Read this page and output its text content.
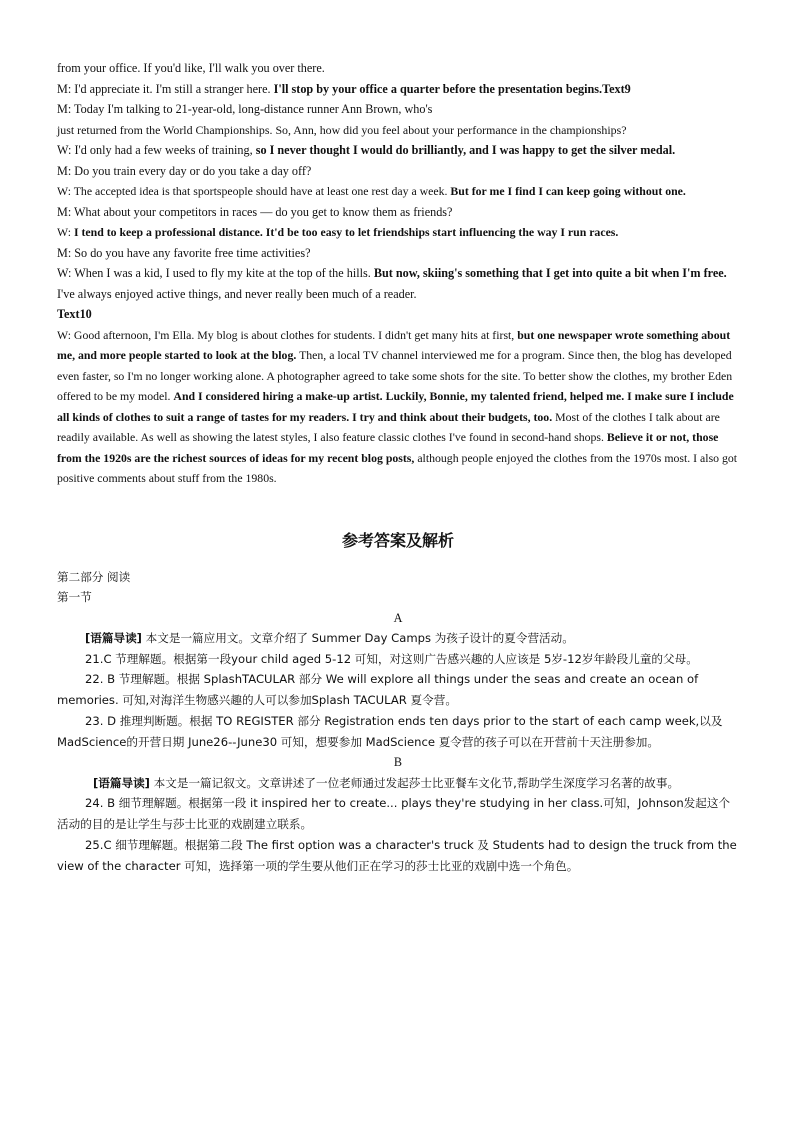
from your office. If you'd like, I'll walk you over there.
M: I'd appreciate it. I'm still a stranger here. I'll stop by your office a quarter before the presentation begins.Text9
M: Today I'm talking to 21-year-old, long-distance runner Ann Brown, who's
just returned from the World Championships. So, Ann, how did you feel about your performance in the championships?
W: I'd only had a few weeks of training, so I never thought I would do brilliantly, and I was happy to get the silver medal.
M: Do you train every day or do you take a day off?
W: The accepted idea is that sportspeople should have at least one rest day a week. But for me I find I can keep going without one.
M: What about your competitors in races — do you get to know them as friends?
W: I tend to keep a professional distance. It'd be too easy to let friendships start influencing the way I run races.
M: So do you have any favorite free time activities?
W: When I was a kid, I used to fly my kite at the top of the hills. But now, skiing's something that I get into quite a bit when I'm free. I've always enjoyed active things, and never really been much of a reader.
Text10
W: Good afternoon, I'm Ella. My blog is about clothes for students. I didn't get many hits at first, but one newspaper wrote something about me, and more people started to look at the blog. Then, a local TV channel interviewed me for a program. Since then, the blog has developed even faster, so I'm no longer working alone. A photographer agreed to take some shots for the site. To better show the clothes, my brother Eden offered to be my model. And I considered hiring a make-up artist. Luckily, Bonnie, my talented friend, helped me. I make sure I include all kinds of clothes to suit a range of tastes for my readers. I try and think about their budgets, too. Most of the clothes I talk about are readily available. As well as showing the latest styles, I also feature classic clothes I've found in second-hand shops. Believe it or not, those from the 1920s are the richest sources of ideas for my recent blog posts, although people enjoyed the clothes from the 1970s most. I also got positive comments about stuff from the 1980s.
参考答案及解析
第二部分 阅读
第一节
A
[语篇导读] 本文是一篇应用文。文章介绍了 Summer Day Camps 为孩子设计的夏令营活动。
21.C 节理解题。根据第一段your child aged 5-12 可知，对这则广告感兴趣的人应该是 5岁-12岁年龄段儿童的父母。
22. B 节理解题。根据 SplashTACULAR 部分 We will explore all things under the seas and create an ocean of memories. 可知,对海洋生物感兴趣的人可以参加Splash TACULAR 夏令营。
23. D 推理判断题。根据 TO REGISTER 部分 Registration ends ten days prior to the start of each camp week,以及 MadScience的开营日期 June26--June30 可知，想要参加 MadScience 夏令营的孩子可以在开营前十天注册参加。
B
[语篇导读] 本文是一篇记叙文。文章讲述了一位老师通过发起莎士比亚餐车文化节,帮助学生深度学习名著的故事。
24. B 细节理解题。根据第一段 it inspired her to create... plays they're studying in her class.可知，Johnson发起这个活动的目的是让学生与莎士比亚的戏剧建立联系。
25.C 细节理解题。根据第二段 The first option was a character's truck 及 Students had to design the truck from the view of the character 可知，选择第一项的学生要从他们正在学习的莎士比亚的戏剧中选一个角色。
